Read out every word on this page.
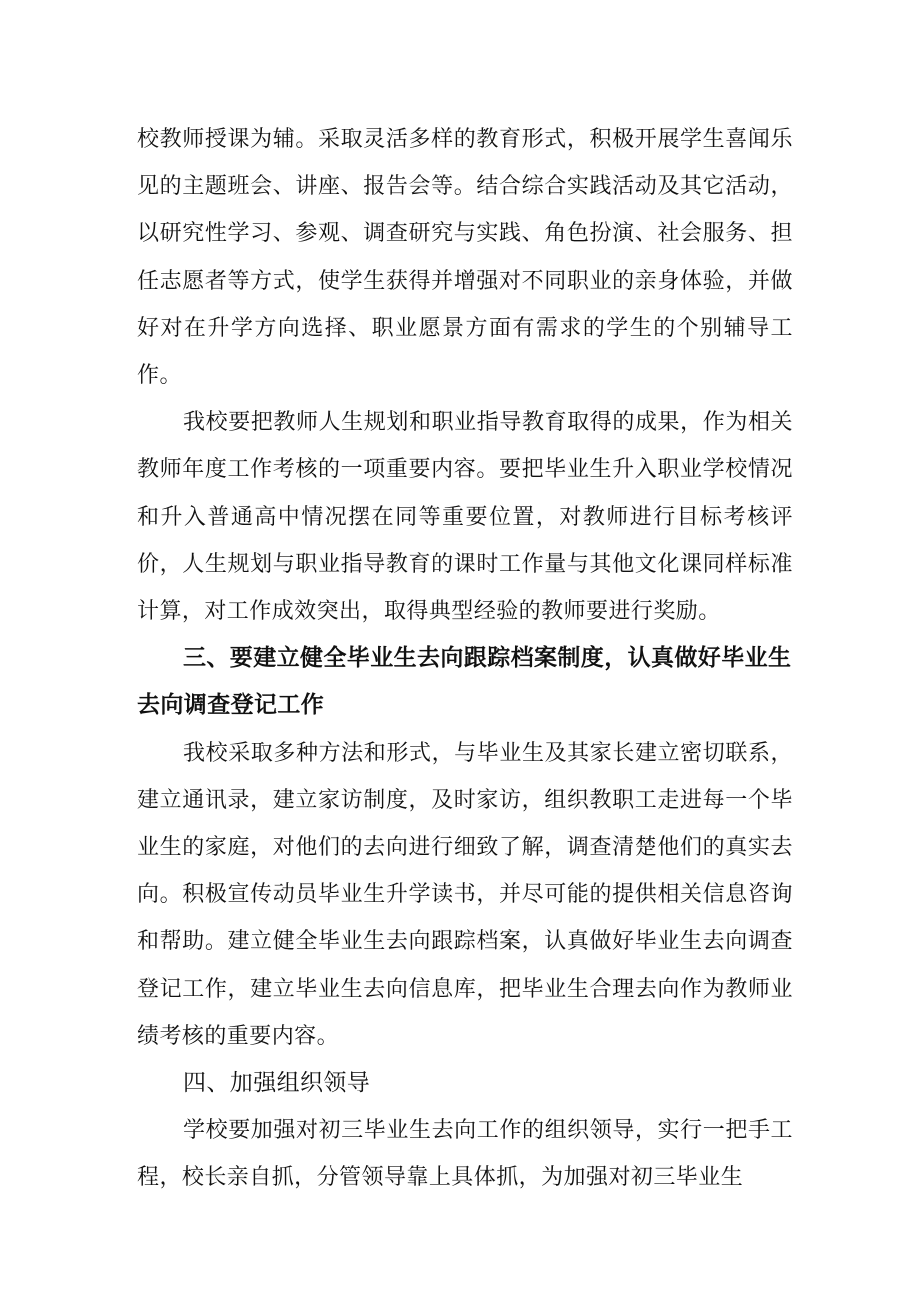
校教师授课为辅。采取灵活多样的教育形式，积极开展学生喜闻乐见的主题班会、讲座、报告会等。结合综合实践活动及其它活动，以研究性学习、参观、调查研究与实践、角色扮演、社会服务、担任志愿者等方式，使学生获得并增强对不同职业的亲身体验，并做好对在升学方向选择、职业愿景方面有需求的学生的个别辅导工作。

我校要把教师人生规划和职业指导教育取得的成果，作为相关教师年度工作考核的一项重要内容。要把毕业生升入职业学校情况和升入普通高中情况摆在同等重要位置，对教师进行目标考核评价，人生规划与职业指导教育的课时工作量与其他文化课同样标准计算，对工作成效突出，取得典型经验的教师要进行奖励。

三、要建立健全毕业生去向跟踪档案制度，认真做好毕业生去向调查登记工作

我校采取多种方法和形式，与毕业生及其家长建立密切联系，建立通讯录，建立家访制度，及时家访，组织教职工走进每一个毕业生的家庭，对他们的去向进行细致了解，调查清楚他们的真实去向。积极宣传动员毕业生升学读书，并尽可能的提供相关信息咨询和帮助。建立健全毕业生去向跟踪档案，认真做好毕业生去向调查登记工作，建立毕业生去向信息库，把毕业生合理去向作为教师业绩考核的重要内容。

四、加强组织领导

学校要加强对初三毕业生去向工作的组织领导，实行一把手工程，校长亲自抓，分管领导靠上具体抓，为加强对初三毕业生
